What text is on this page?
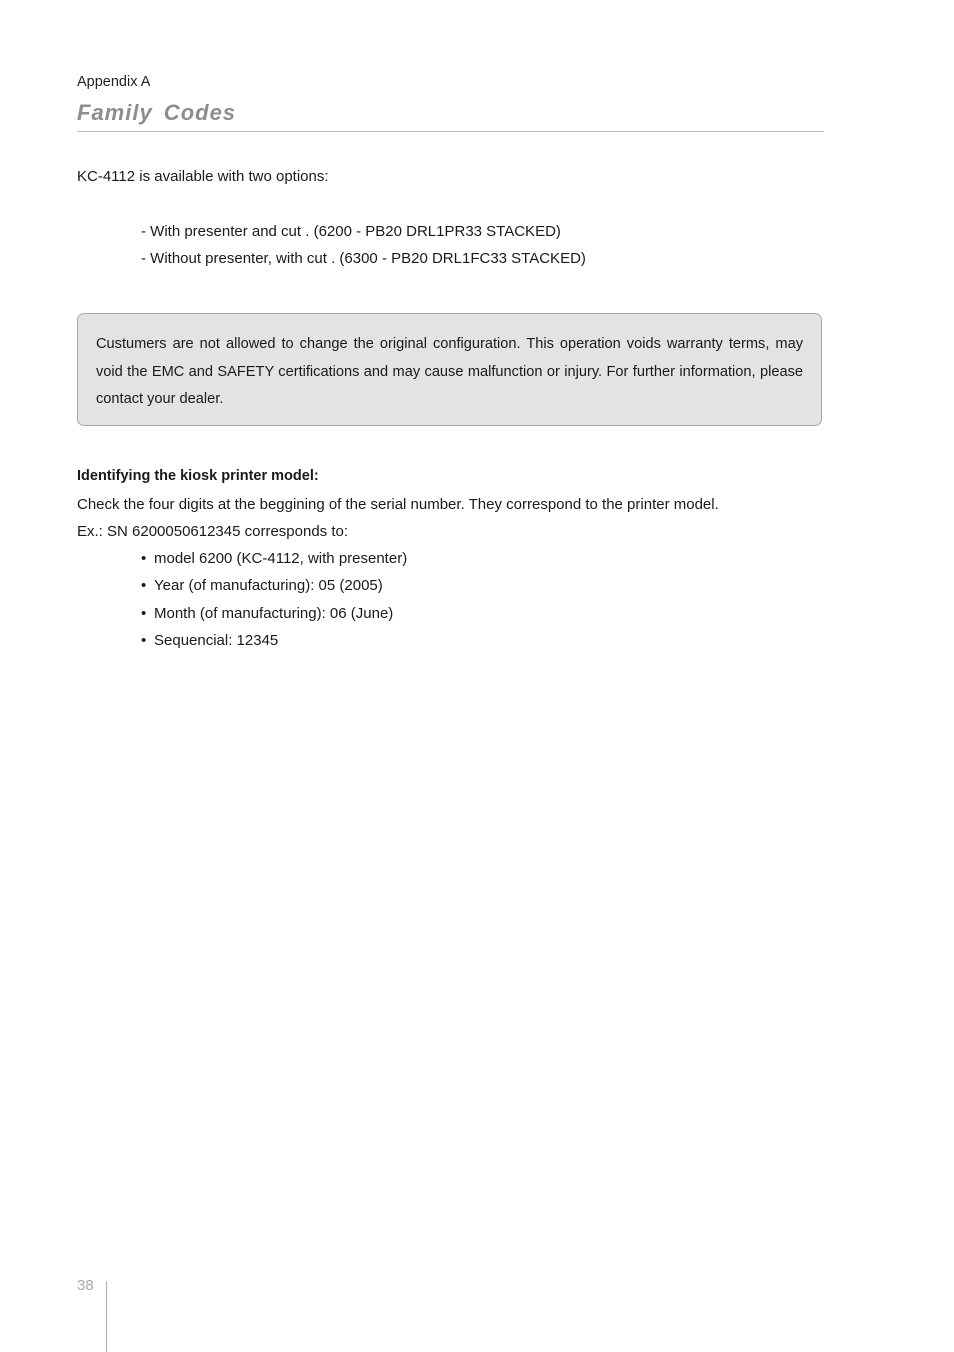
Appendix A
Family Codes
KC-4112 is available with two options:
- With presenter and cut . (6200 - PB20 DRL1PR33 STACKED)
- Without presenter, with cut . (6300 - PB20 DRL1FC33 STACKED)
Custumers are not allowed to change the original configuration. This operation voids warranty terms, may void the EMC and SAFETY certifications and may cause malfunction or injury. For further information, please contact your dealer.
Identifying the kiosk printer model:
Check the four digits at the beggining of the serial number. They correspond to the printer model.
Ex.: SN 6200050612345 corresponds to:
• model 6200 (KC-4112, with presenter)
• Year (of manufacturing): 05 (2005)
• Month (of manufacturing): 06 (June)
• Sequencial: 12345
38
